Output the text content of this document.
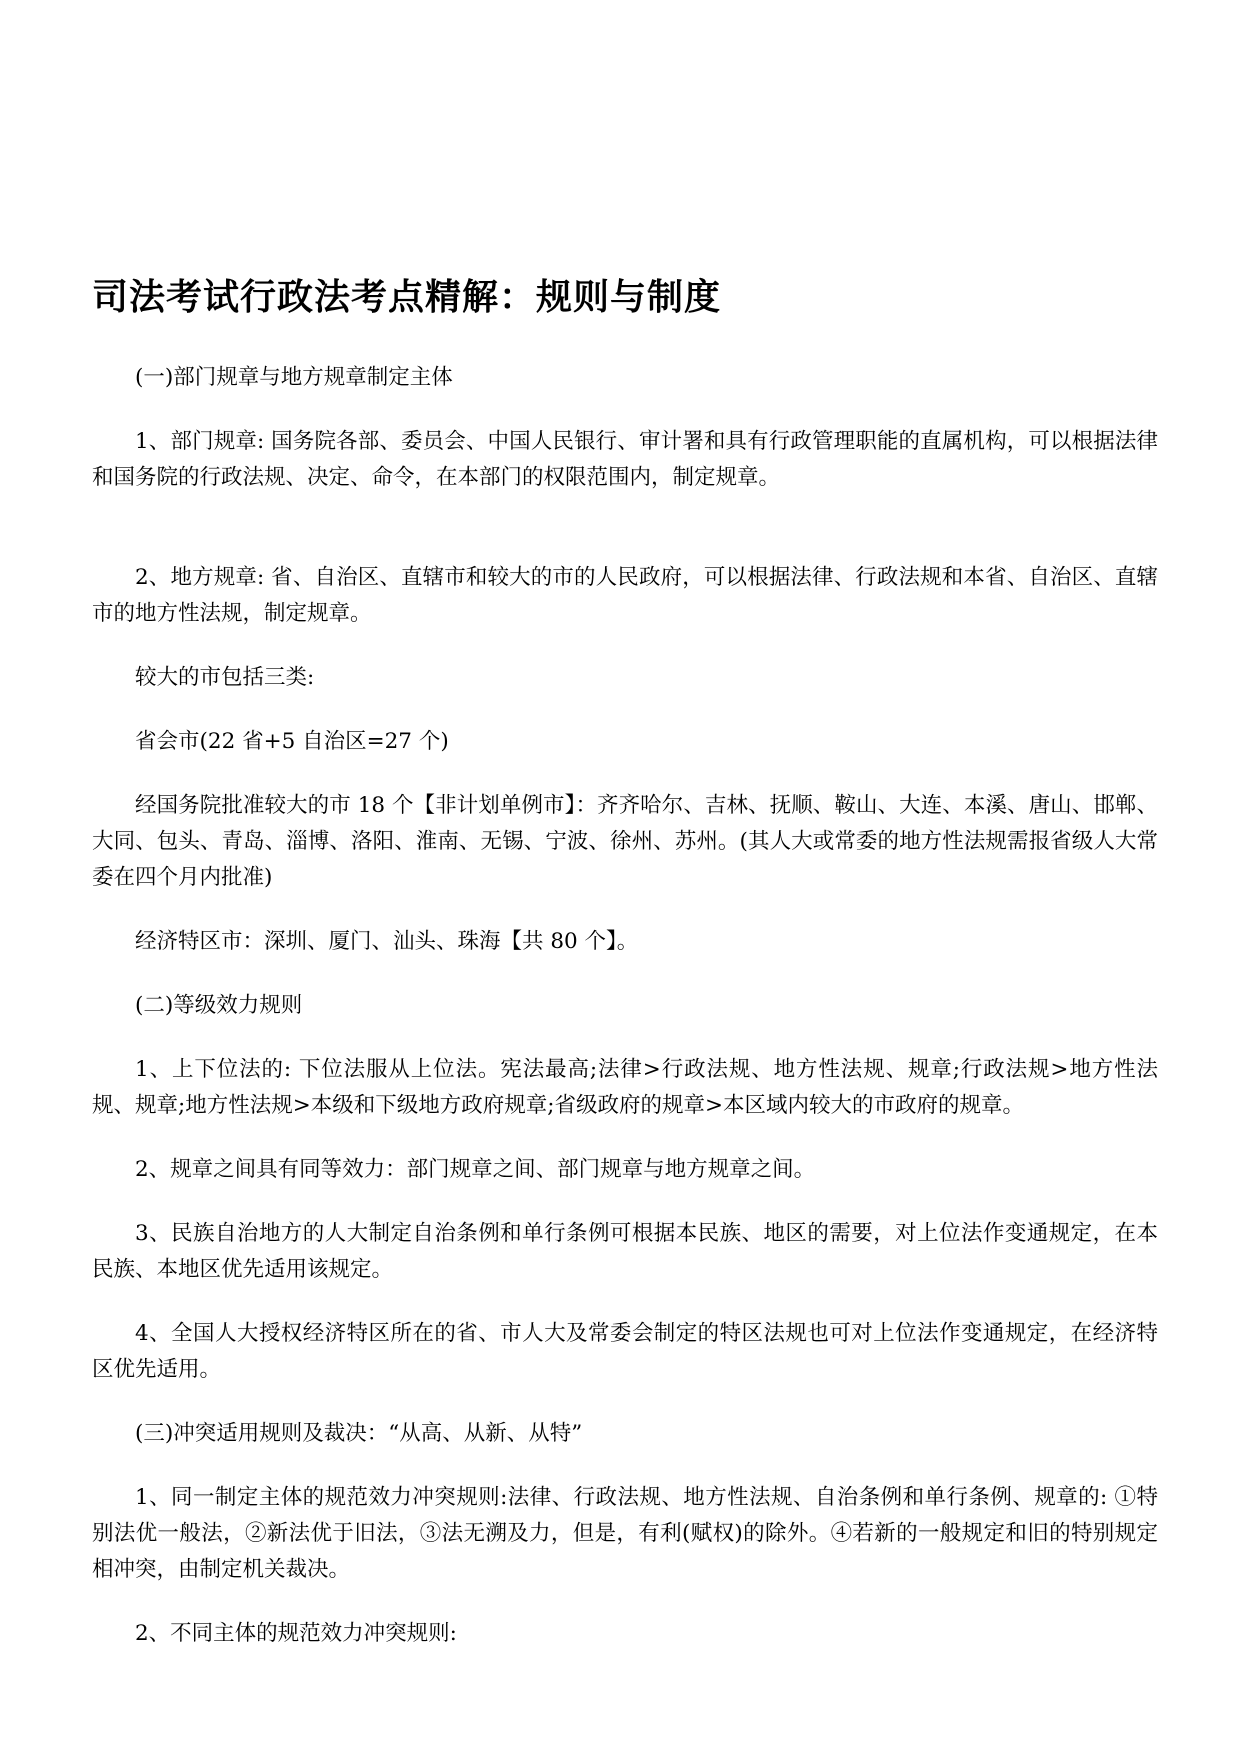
司法考试行政法考点精解：规则与制度

(一)部门规章与地方规章制定主体

1、部门规章: 国务院各部、委员会、中国人民银行、审计署和具有行政管理职能的直属机构，可以根据法律和国务院的行政法规、决定、命令，在本部门的权限范围内，制定规章。

2、地方规章: 省、自治区、直辖市和较大的市的人民政府，可以根据法律、行政法规和本省、自治区、直辖市的地方性法规，制定规章。

较大的市包括三类:

省会市(22 省+5 自治区=27 个)

经国务院批准较大的市 18 个【非计划单例市】：齐齐哈尔、吉林、抚顺、鞍山、大连、本溪、唐山、邯郸、大同、包头、青岛、淄博、洛阳、淮南、无锡、宁波、徐州、苏州。(其人大或常委的地方性法规需报省级人大常委在四个月内批准)

经济特区市：深圳、厦门、汕头、珠海【共 80 个】。

(二)等级效力规则

1、上下位法的: 下位法服从上位法。宪法最高;法律>行政法规、地方性法规、规章;行政法规>地方性法规、规章;地方性法规>本级和下级地方政府规章;省级政府的规章>本区域内较大的市政府的规章。

2、规章之间具有同等效力：部门规章之间、部门规章与地方规章之间。

3、民族自治地方的人大制定自治条例和单行条例可根据本民族、地区的需要，对上位法作变通规定，在本民族、本地区优先适用该规定。

4、全国人大授权经济特区所在的省、市人大及常委会制定的特区法规也可对上位法作变通规定，在经济特区优先适用。

(三)冲突适用规则及裁决：“从高、从新、从特”

1、同一制定主体的规范效力冲突规则:法律、行政法规、地方性法规、自治条例和单行条例、规章的: ①特别法优一般法，②新法优于旧法，③法无溯及力，但是，有利(赋权)的除外。④若新的一般规定和旧的特别规定相冲突，由制定机关裁决。

2、不同主体的规范效力冲突规则:
